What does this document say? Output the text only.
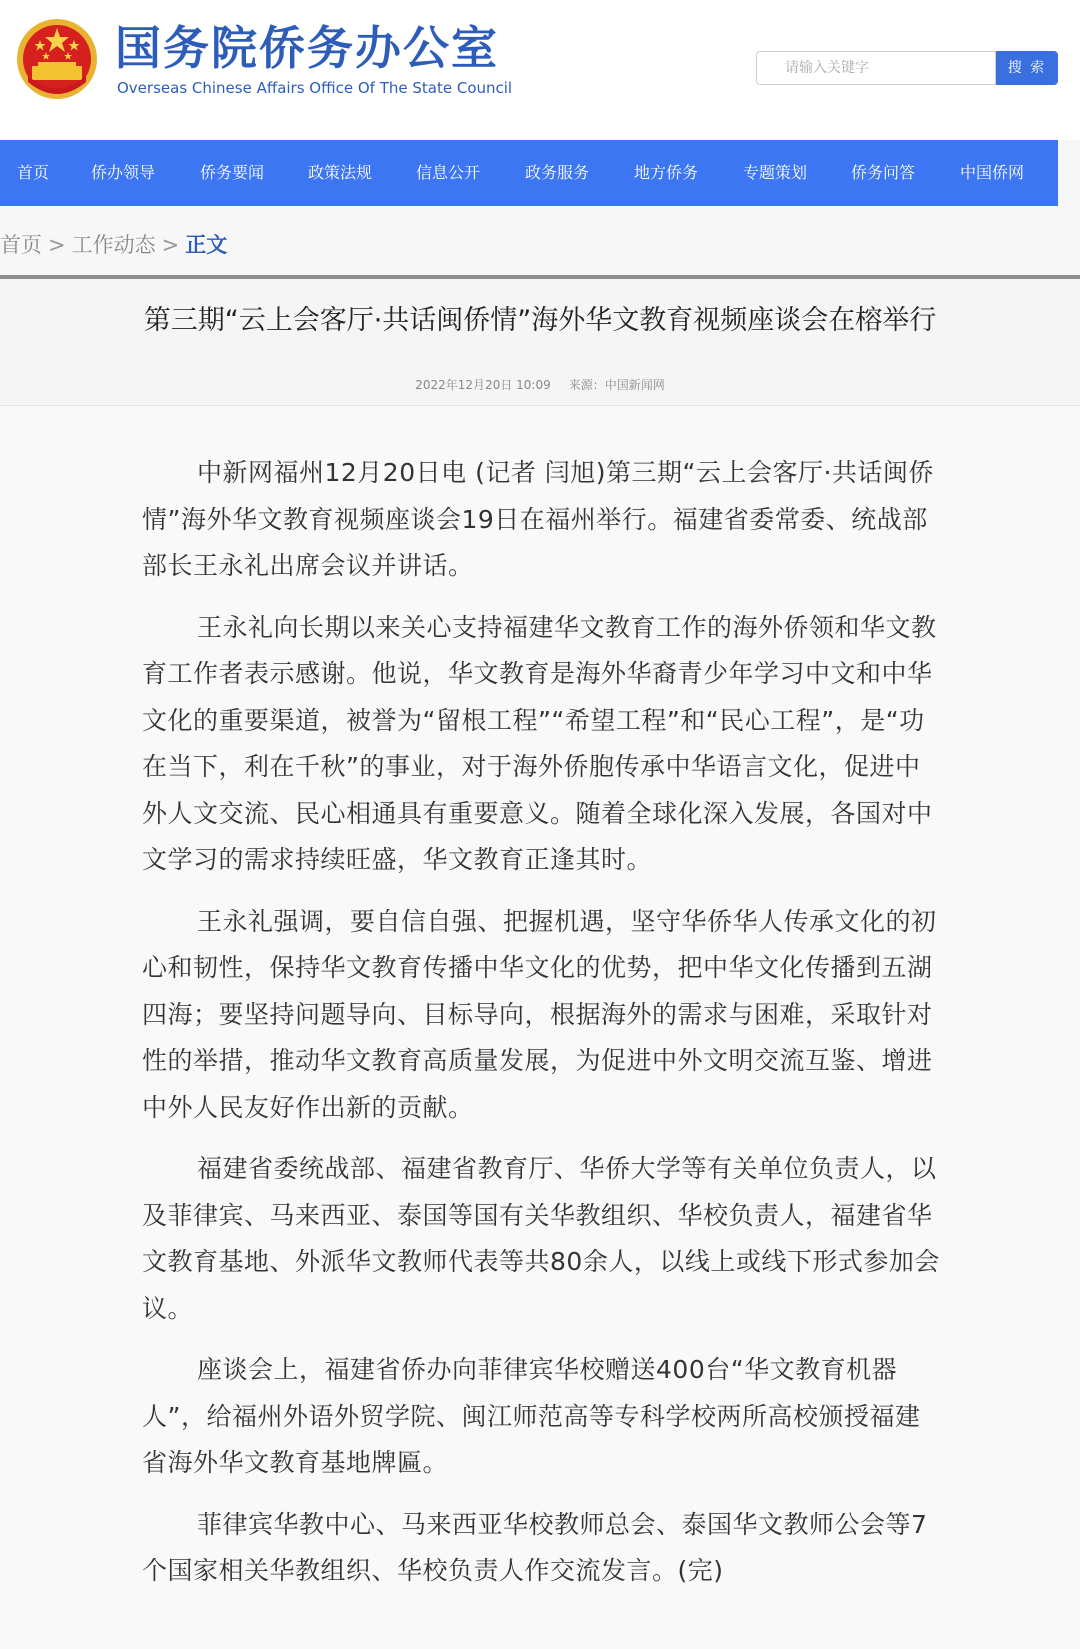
国务院侨务办公室
Overseas Chinese Affairs Office Of The State Council
请输入关键字
搜 索
首页	侨办领导	侨务要闻	政策法规	信息公开	政务服务	地方侨务	专题策划	侨务问答	中国侨网
首页 > 工作动态 > 正文
第三期“云上会客厅·共话闽侨情”海外华文教育视频座谈会在榕举行
2022年12月20日 10:09 来源：中国新闻网

中新网福州12月20日电 (记者 闫旭)第三期“云上会客厅·共话闽侨情”海外华文教育视频座谈会19日在福州举行。福建省委常委、统战部部长王永礼出席会议并讲话。

王永礼向长期以来关心支持福建华文教育工作的海外侨领和华文教育工作者表示感谢。他说，华文教育是海外华裔青少年学习中文和中华文化的重要渠道，被誉为“留根工程”“希望工程”和“民心工程”，是“功在当下，利在千秋”的事业，对于海外侨胞传承中华语言文化，促进中外人文交流、民心相通具有重要意义。随着全球化深入发展，各国对中文学习的需求持续旺盛，华文教育正逢其时。

王永礼强调，要自信自强、把握机遇，坚守华侨华人传承文化的初心和韧性，保持华文教育传播中华文化的优势，把中华文化传播到五湖四海；要坚持问题导向、目标导向，根据海外的需求与困难，采取针对性的举措，推动华文教育高质量发展，为促进中外文明交流互鉴、增进中外人民友好作出新的贡献。

福建省委统战部、福建省教育厅、华侨大学等有关单位负责人，以及菲律宾、马来西亚、泰国等国有关华教组织、华校负责人，福建省华文教育基地、外派华文教师代表等共80余人，以线上或线下形式参加会议。

座谈会上，福建省侨办向菲律宾华校赠送400台“华文教育机器人”，给福州外语外贸学院、闽江师范高等专科学校两所高校颁授福建省海外华文教育基地牌匾。

菲律宾华教中心、马来西亚华校教师总会、泰国华文教师公会等7个国家相关华教组织、华校负责人作交流发言。(完)
